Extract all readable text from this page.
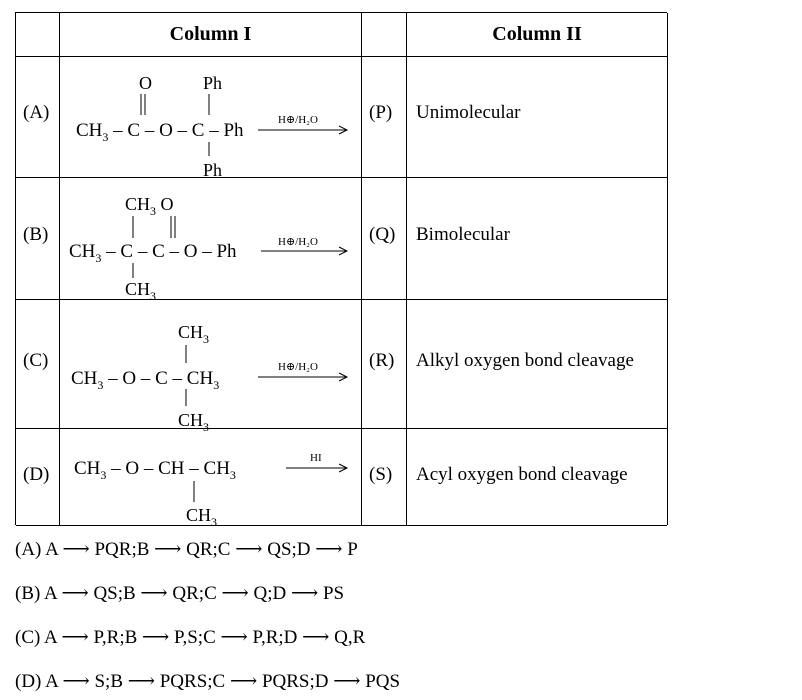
Column I	Column II
(A)
O	Ph
$CH_3$ – C – O – C – Ph
Ph
H⊕/H₂O	(P) Unimolecular
(B)
$CH_3$ O
$CH_3$ – C – C – O – Ph
$CH_3$
H⊕/H₂O	(Q) Bimolecular
(C)
$CH_3$
$CH_3$ – O – C – $CH_3$
$CH_3$
H⊕/H₂O	(R) Alkyl oxygen bond cleavage
(D) $CH_3$ – O – CH – $CH_3$
$CH_3$
HI
(S) Acyl oxygen bond cleavage
(A) A ⟶ PQR;B ⟶ QR;C ⟶ QS;D ⟶ P
(B) A ⟶ QS;B ⟶ QR;C ⟶ Q;D ⟶ PS
(C) A ⟶ P,R;B ⟶ P,S;C ⟶ P,R;D ⟶ Q,R
(D) A ⟶ S;B ⟶ PQRS;C ⟶ PQRS;D ⟶ PQS
